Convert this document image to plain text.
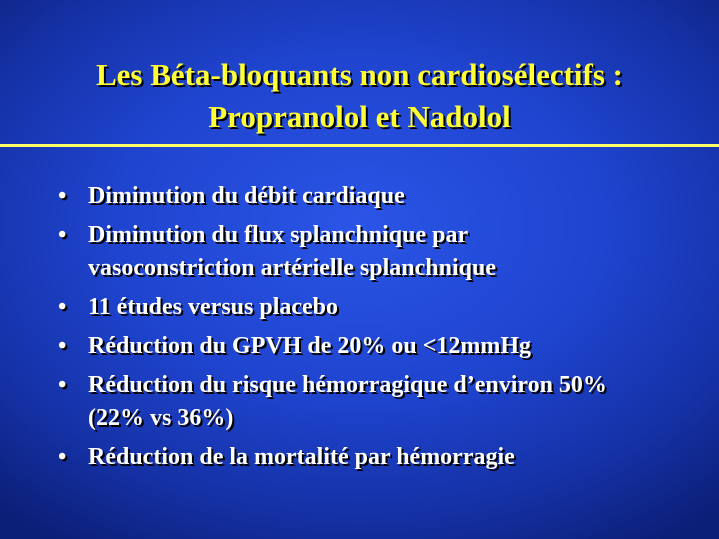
Les Béta-bloquants non cardiosélectifs :
Propranolol et Nadolol
• Diminution du débit cardiaque
• Diminution du flux splanchnique par
vasoconstriction artérielle splanchnique
• 11 études versus placebo
• Réduction du GPVH de 20% ou <12mmHg
• Réduction du risque hémorragique d’environ 50%
(22% vs 36%)
• Réduction de la mortalité par hémorragie
